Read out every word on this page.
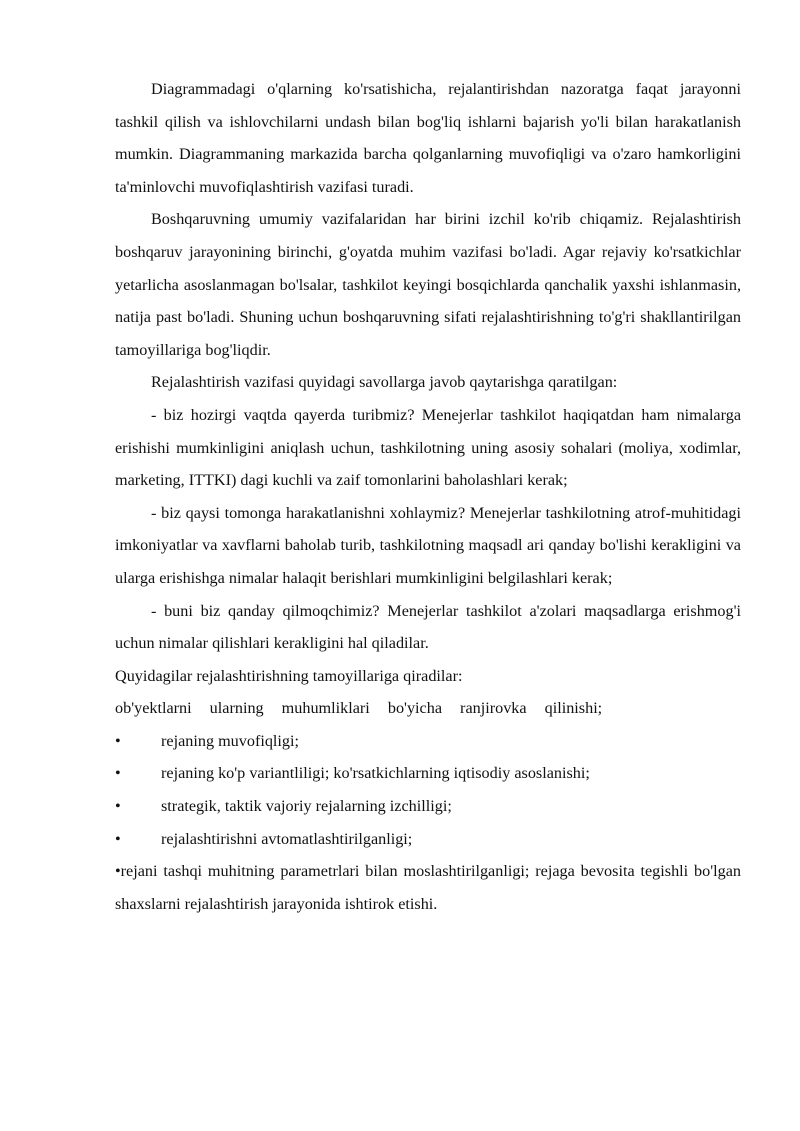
Diagrammadagi o'qlarning ko'rsatishicha, rejalantirishdan nazoratga faqat jarayonni tashkil qilish va ishlovchilarni undash bilan bog'liq ishlarni bajarish yo'li bilan harakatlanish mumkin. Diagrammaning markazida barcha qolganlarning muvofiqligi va o'zaro hamkorligini ta'minlovchi muvofiqlashtirish vazifasi turadi.

Boshqaruvning umumiy vazifalaridan har birini izchil ko'rib chiqamiz. Rejalashtirish boshqaruv jarayonining birinchi, g'oyatda muhim vazifasi bo'ladi. Agar rejaviy ko'rsatkichlar yetarlicha asoslanmagan bo'lsalar, tashkilot keyingi bosqichlarda qanchalik yaxshi ishlanmasin, natija past bo'ladi. Shuning uchun boshqaruvning sifati rejalashtirishning to'g'ri shakllantirilgan tamoyillariga bog'liqdir.

Rejalashtirish vazifasi quyidagi savollarga javob qaytarishga qaratilgan:

- biz hozirgi vaqtda qayerda turibmiz? Menejerlar tashkilot haqiqatdan ham nimalarga erishishi mumkinligini aniqlash uchun, tashkilotning uning asosiy sohalari (moliya, xodimlar, marketing, ITTKI) dagi kuchli va zaif tomonlarini baholashlari kerak;

- biz qaysi tomonga harakatlanishni xohlaymiz? Menejerlar tashkilotning atrof-muhitidagi imkoniyatlar va xavflarni baholab turib, tashkilotning maqsadl ari qanday bo'lishi kerakligini va ularga erishishga nimalar halaqit berishlari mumkinligini belgilashlari kerak;

- buni biz qanday qilmoqchimiz? Menejerlar tashkilot a'zolari maqsadlarga erishmog'i uchun nimalar qilishlari kerakligini hal qiladilar.

Quyidagilar rejalashtirishning tamoyillariga qiradilar:

ob'yektlarni ularning muhumliklari bo'yicha ranjirovka qilinishi;

•	rejaning muvofiqligi;
•	rejaning ko'p variantliligi; ko'rsatkichlarning iqtisodiy asoslanishi;
•	strategik, taktik vajoriy rejalarning izchilligi;
•	rejalashtirishni avtomatlashtirilganligi;

•rejani tashqi muhitning parametrlari bilan moslashtirilganligi; rejaga bevosita tegishli bo'lgan shaxslarni rejalashtirish jarayonida ishtirok etishi.
